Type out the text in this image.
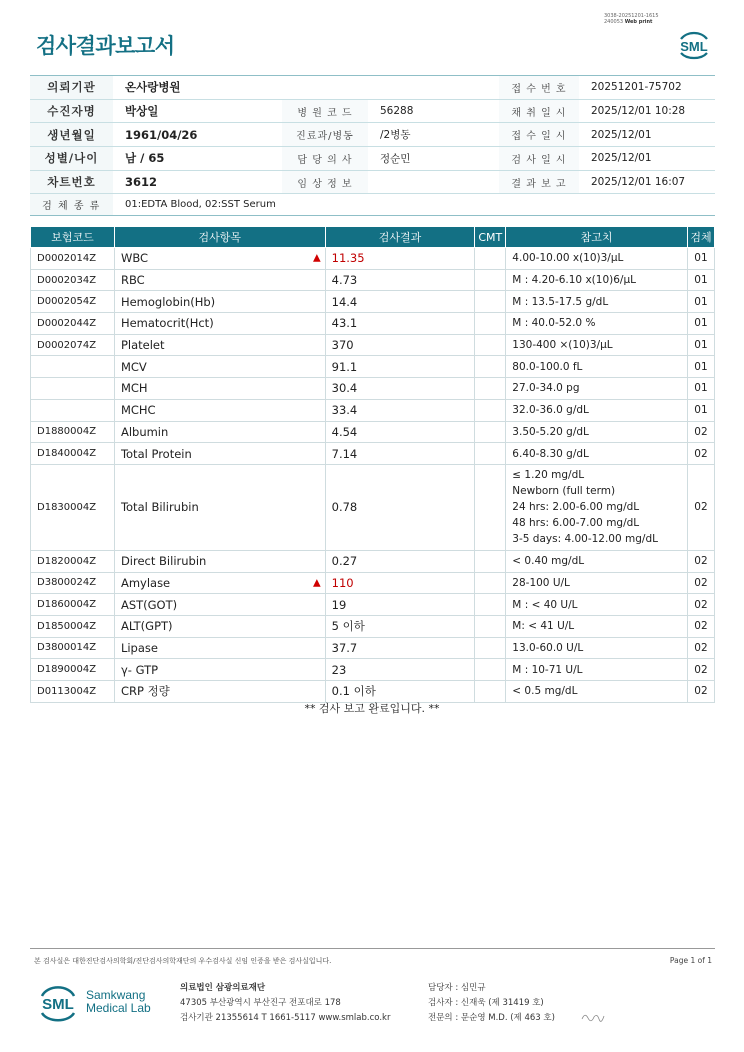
3038-20251201-1615
240053 Web print
검사결과보고서	SML
의뢰기관	온사랑병원	접 수 번 호	20251201-75702
수진자명	박상일	병 원 코 드	56288	채 취 일 시	2025/12/01 10:28
생년월일	1961/04/26	진료과/병동	/2병동	접 수 일 시	2025/12/01
성별/나이	남 / 65	담 당 의 사	정순민	검 사 일 시	2025/12/01
차트번호	3612	임 상 정 보	결 과 보 고	2025/12/01 16:07
검 체 종 류	01:EDTA Blood, 02:SST Serum
보험코드	검사항목	검사결과	CMT	참고치	검체
D0002014Z	WBC ▲	11.35		4.00-10.00 x(10)3/μL	01
D0002034Z	RBC	4.73		M : 4.20-6.10 x(10)6/μL	01
D0002054Z	Hemoglobin(Hb)	14.4		M : 13.5-17.5 g/dL	01
D0002044Z	Hematocrit(Hct)	43.1		M : 40.0-52.0 %	01
D0002074Z	Platelet	370		130-400 ×(10)3/μL	01
	MCV	91.1		80.0-100.0 fL	01
	MCH	30.4		27.0-34.0 pg	01
	MCHC	33.4		32.0-36.0 g/dL	01
D1880004Z	Albumin	4.54		3.50-5.20 g/dL	02
D1840004Z	Total Protein	7.14		6.40-8.30 g/dL	02
D1830004Z	Total Bilirubin	0.78		≤ 1.20 mg/dL
Newborn (full term)
24 hrs: 2.00-6.00 mg/dL
48 hrs: 6.00-7.00 mg/dL
3-5 days: 4.00-12.00 mg/dL	02
D1820004Z	Direct Bilirubin	0.27		< 0.40 mg/dL	02
D3800024Z	Amylase ▲	110		28-100 U/L	02
D1860004Z	AST(GOT)	19		M : < 40 U/L	02
D1850004Z	ALT(GPT)	5 이하		M: < 41 U/L	02
D3800014Z	Lipase	37.7		13.0-60.0 U/L	02
D1890004Z	γ- GTP	23		M : 10-71 U/L	02
D0113004Z	CRP 정량	0.1 이하		< 0.5 mg/dL	02
** 검사 보고 완료입니다. **
본 검사실은 대한진단검사의학회/진단검사의학재단의 우수검사실 신임 인증을 받은 검사실입니다.	Page 1 of 1
SML
Samkwang
Medical Lab
의료법인 삼광의료재단
47305 부산광역시 부산진구 전포대로 178
검사기관 21355614 T 1661-5117 www.smlab.co.kr
담당자 : 심민규
검사자 : 신재욱 (제 31419 호)
전문의 : 문순영 M.D. (제 463 호)
